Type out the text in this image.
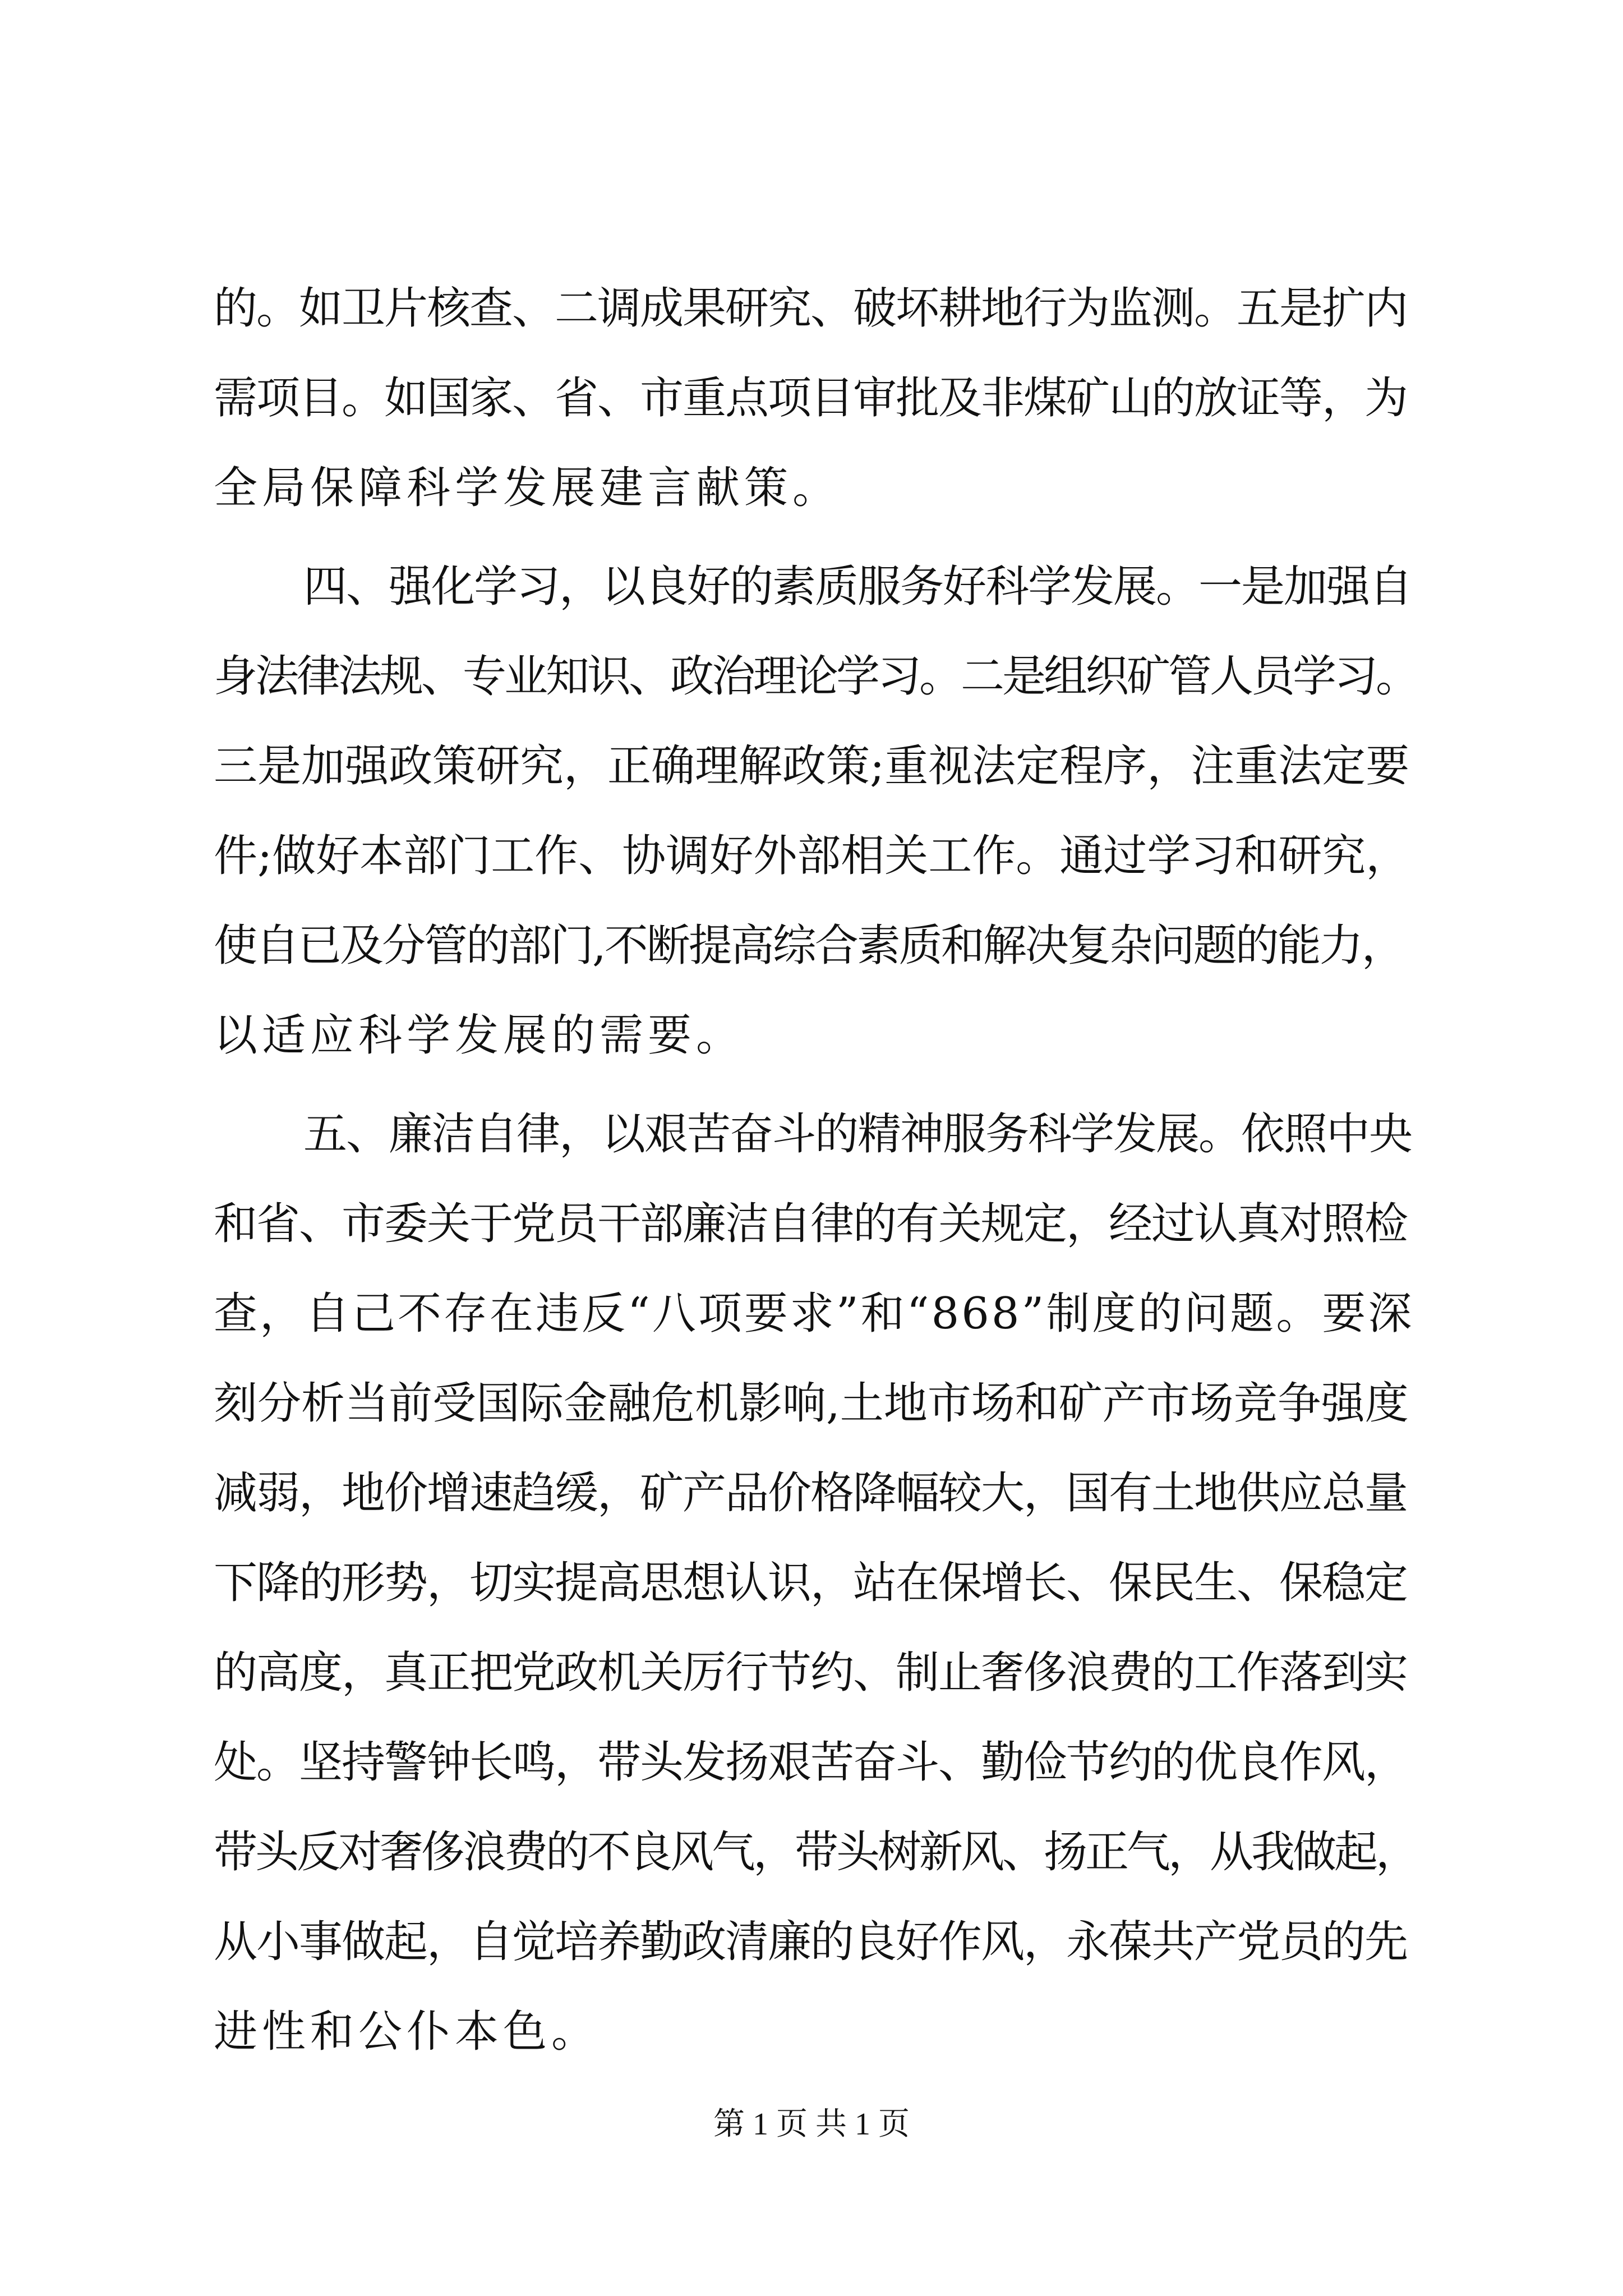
的。如卫片核查、二调成果研究、破坏耕地行为监测。五是扩内
需项目。如国家、省、市重点项目审批及非煤矿山的放证等，为
全局保障科学发展建言献策。
四、强化学习，以良好的素质服务好科学发展。一是加强自
身法律法规、专业知识、政治理论学习。二是组织矿管人员学习。
三是加强政策研究，正确理解政策;重视法定程序，注重法定要
件;做好本部门工作、协调好外部相关工作。通过学习和研究，
使自已及分管的部门,不断提高综合素质和解决复杂问题的能力，
以适应科学发展的需要。
五、廉洁自律，以艰苦奋斗的精神服务科学发展。依照中央
和省、市委关于党员干部廉洁自律的有关规定，经过认真对照检
查，自己不存在违反“八项要求”和“868”制度的问题。要深
刻分析当前受国际金融危机影响,土地市场和矿产市场竞争强度
减弱，地价增速趋缓，矿产品价格降幅较大，国有土地供应总量
下降的形势，切实提高思想认识，站在保增长、保民生、保稳定
的高度，真正把党政机关厉行节约、制止奢侈浪费的工作落到实
处。坚持警钟长鸣，带头发扬艰苦奋斗、勤俭节约的优良作风，
带头反对奢侈浪费的不良风气，带头树新风、扬正气，从我做起，
从小事做起，自觉培养勤政清廉的良好作风，永葆共产党员的先
进性和公仆本色。
第 1 页 共 1 页
